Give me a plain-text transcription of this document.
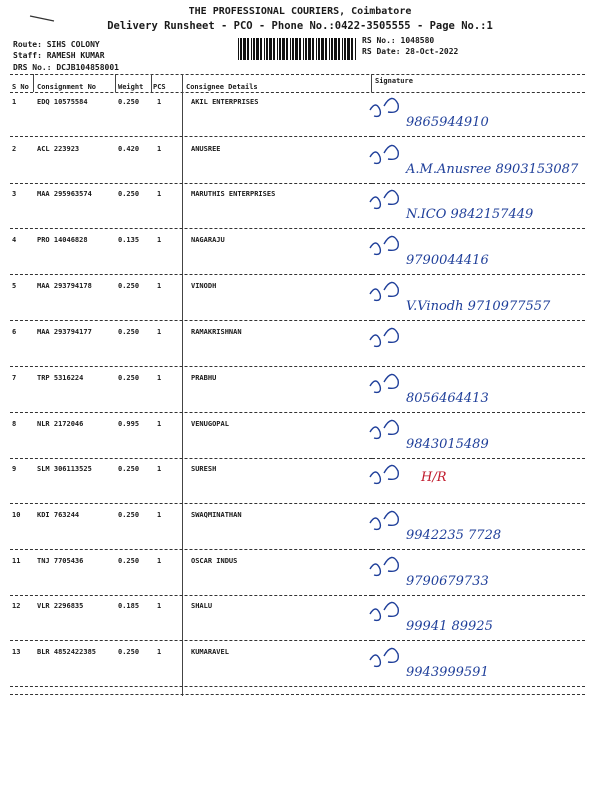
THE PROFESSIONAL COURIERS, Coimbatore
Delivery Runsheet - PCO - Phone No.:0422-3505555 - Page No.:1
Route: SIHS COLONY
Staff: RAMESH KUMAR
DRS No.: DCJB104858001
RS No.: 1048580
RS Date: 28-Oct-2022
S No Consignment No	Weight PCS	Consignee Details
Signature
1	EDQ 10575584	0.250	1	AKIL ENTERPRISES
9865944910
2	ACL 223923	0.420	1	ANUSREE
A.M.Anusree 8903153087
3	MAA 295963574	0.250	1	MARUTHIS ENTERPRISES
N.ICO 9842157449
4	PRO 14046828	0.135	1	NAGARAJU
9790044416
5	MAA 293794178	0.250	1	VINODH
V.Vinodh 9710977557
6	MAA 293794177	0.250	1	RAMAKRISHNAN
7	TRP 5316224	0.250	1	PRABHU
8056464413
8	NLR 2172046	0.995	1	VENUGOPAL
9843015489
9	SLM 306113525	0.250	1	SURESH
H/R
10 KDI 763244	0.250	1	SWAQMINATHAN
9942235 7728
11 TNJ 7705436	0.250	1	OSCAR INDUS
9790679733
12 VLR 2296835	0.185	1	SHALU
99941 89925
13 BLR 4852422385	0.250	1	KUMARAVEL
9943999591
